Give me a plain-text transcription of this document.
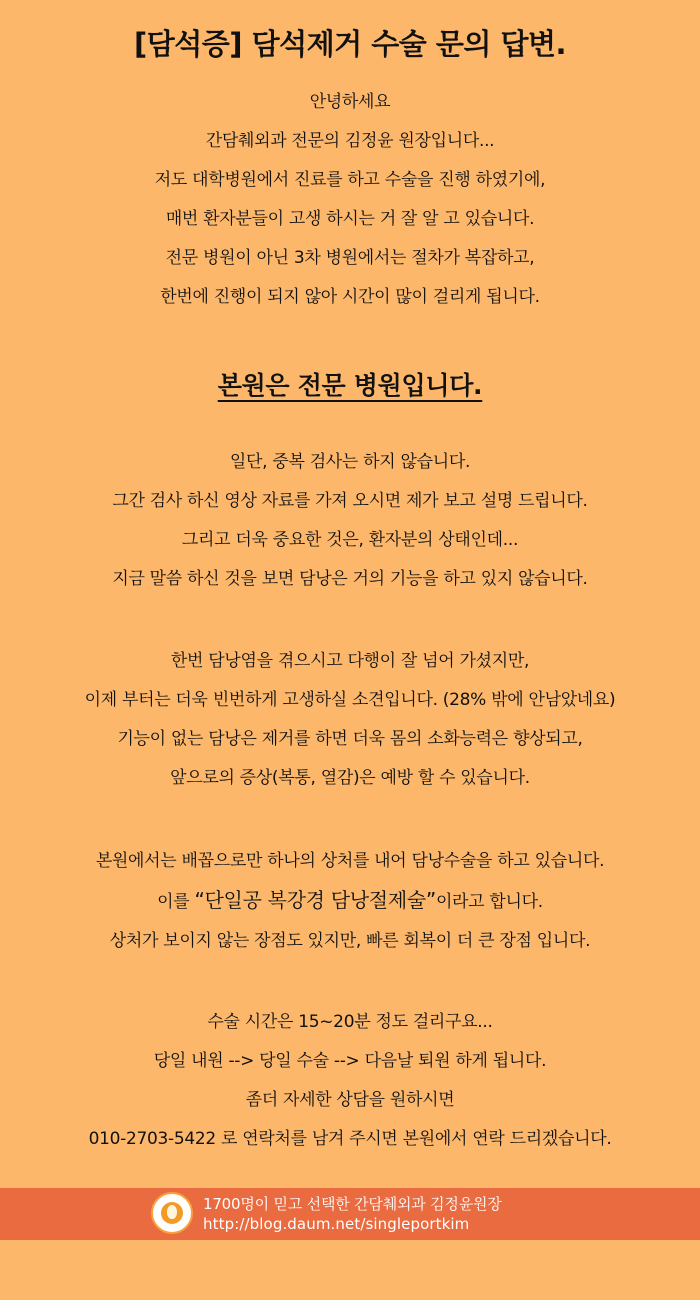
[담석증] 담석제거 수술 문의 답변.

안녕하세요

간담췌외과 전문의 김정윤 원장입니다...

저도 대학병원에서 진료를 하고 수술을 진행 하였기에,

매번 환자분들이 고생 하시는 거 잘 알 고 있습니다.

전문 병원이 아닌 3차 병원에서는 절차가 복잡하고,

한번에 진행이 되지 않아 시간이 많이 걸리게 됩니다.

본원은 전문 병원입니다.

일단, 중복 검사는 하지 않습니다.

그간 검사 하신 영상 자료를 가져 오시면 제가 보고 설명 드립니다.

그리고 더욱 중요한 것은, 환자분의 상태인데...

지금 말씀 하신 것을 보면 담낭은 거의 기능을 하고 있지 않습니다.

한번 담낭염을 겪으시고 다행이 잘 넘어 가셨지만,

이제 부터는 더욱 빈번하게 고생하실 소견입니다. (28% 밖에 안남았네요)

기능이 없는 담낭은 제거를 하면 더욱 몸의 소화능력은 향상되고,

앞으로의 증상(복통, 열감)은 예방 할 수 있습니다.

본원에서는 배꼽으로만 하나의 상처를 내어 담낭수술을 하고 있습니다.

이를 “단일공 복강경 담낭절제술”이라고 합니다.

상처가 보이지 않는 장점도 있지만, 빠른 회복이 더 큰 장점 입니다.

수술 시간은 15~20분 정도 걸리구요...

당일 내원 --> 당일 수술 --> 다음날 퇴원 하게 됩니다.

좀더 자세한 상담을 원하시면

010-2703-5422 로 연락처를 남겨 주시면 본원에서 연락 드리겠습니다.

1700명이 믿고 선택한 간담췌외과 김정윤원장
http://blog.daum.net/singleportkim
